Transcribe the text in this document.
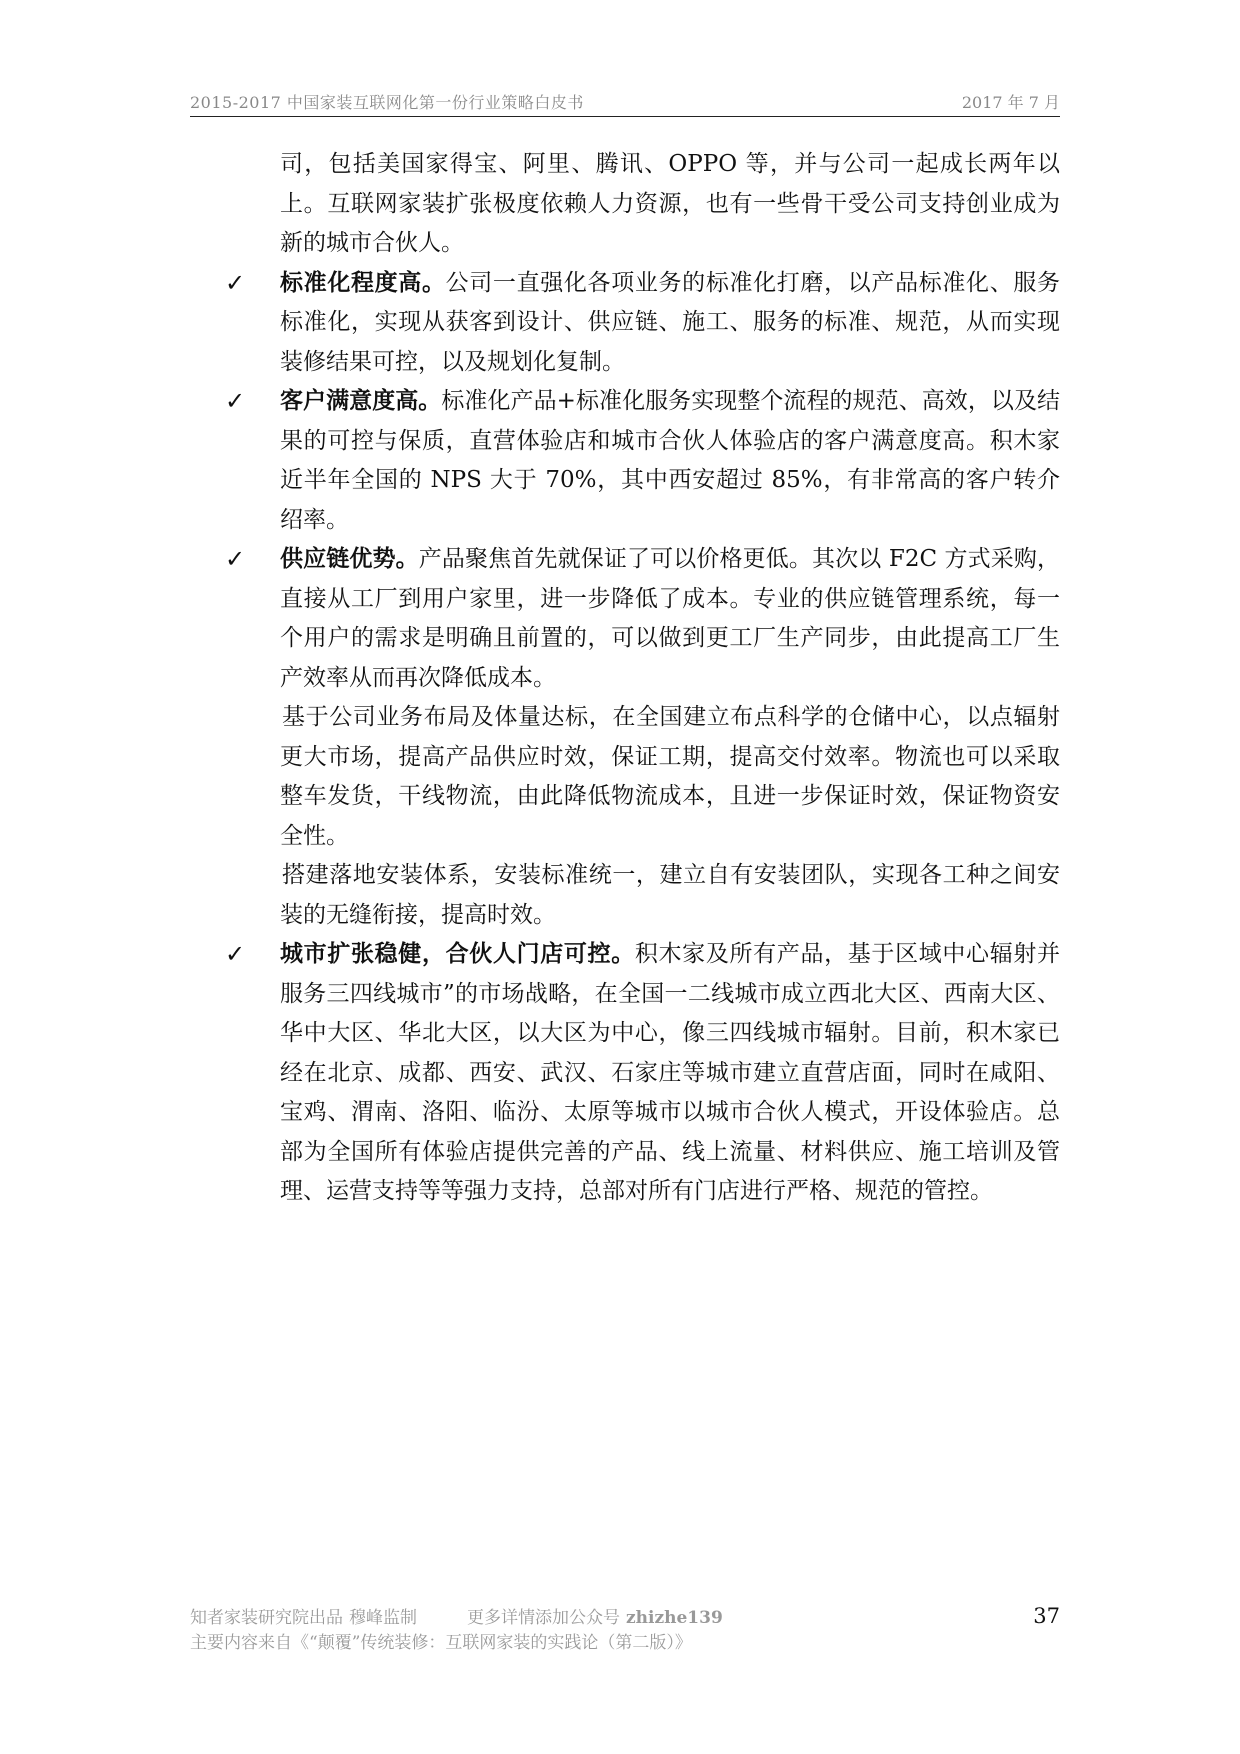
2015-2017 中国家装互联网化第一份行业策略白皮书	2017 年 7 月

司，包括美国家得宝、阿里、腾讯、OPPO 等，并与公司一起成长两年以上。互联网家装扩张极度依赖人力资源，也有一些骨干受公司支持创业成为新的城市合伙人。

✓ 标准化程度高。公司一直强化各项业务的标准化打磨，以产品标准化、服务标准化，实现从获客到设计、供应链、施工、服务的标准、规范，从而实现装修结果可控，以及规划化复制。

✓ 客户满意度高。标准化产品+标准化服务实现整个流程的规范、高效，以及结果的可控与保质，直营体验店和城市合伙人体验店的客户满意度高。积木家近半年全国的 NPS 大于 70%，其中西安超过 85%，有非常高的客户转介绍率。

✓ 供应链优势。产品聚焦首先就保证了可以价格更低。其次以 F2C 方式采购，直接从工厂到用户家里，进一步降低了成本。专业的供应链管理系统，每一个用户的需求是明确且前置的，可以做到更工厂生产同步，由此提高工厂生产效率从而再次降低成本。

基于公司业务布局及体量达标，在全国建立布点科学的仓储中心，以点辐射更大市场，提高产品供应时效，保证工期，提高交付效率。物流也可以采取整车发货，干线物流，由此降低物流成本，且进一步保证时效，保证物资安全性。

搭建落地安装体系，安装标准统一，建立自有安装团队，实现各工种之间安装的无缝衔接，提高时效。

✓ 城市扩张稳健，合伙人门店可控。积木家及所有产品，基于区域中心辐射并服务三四线城市”的市场战略，在全国一二线城市成立西北大区、西南大区、华中大区、华北大区，以大区为中心，像三四线城市辐射。目前，积木家已经在北京、成都、西安、武汉、石家庄等城市建立直营店面，同时在咸阳、宝鸡、渭南、洛阳、临汾、太原等城市以城市合伙人模式，开设体验店。总部为全国所有体验店提供完善的产品、线上流量、材料供应、施工培训及管理、运营支持等等强力支持，总部对所有门店进行严格、规范的管控。

知者家装研究院出品 穆峰监制	更多详情添加公众号 zhizhe139
主要内容来自《“颠覆”传统装修：互联网家装的实践论（第二版）》
37
